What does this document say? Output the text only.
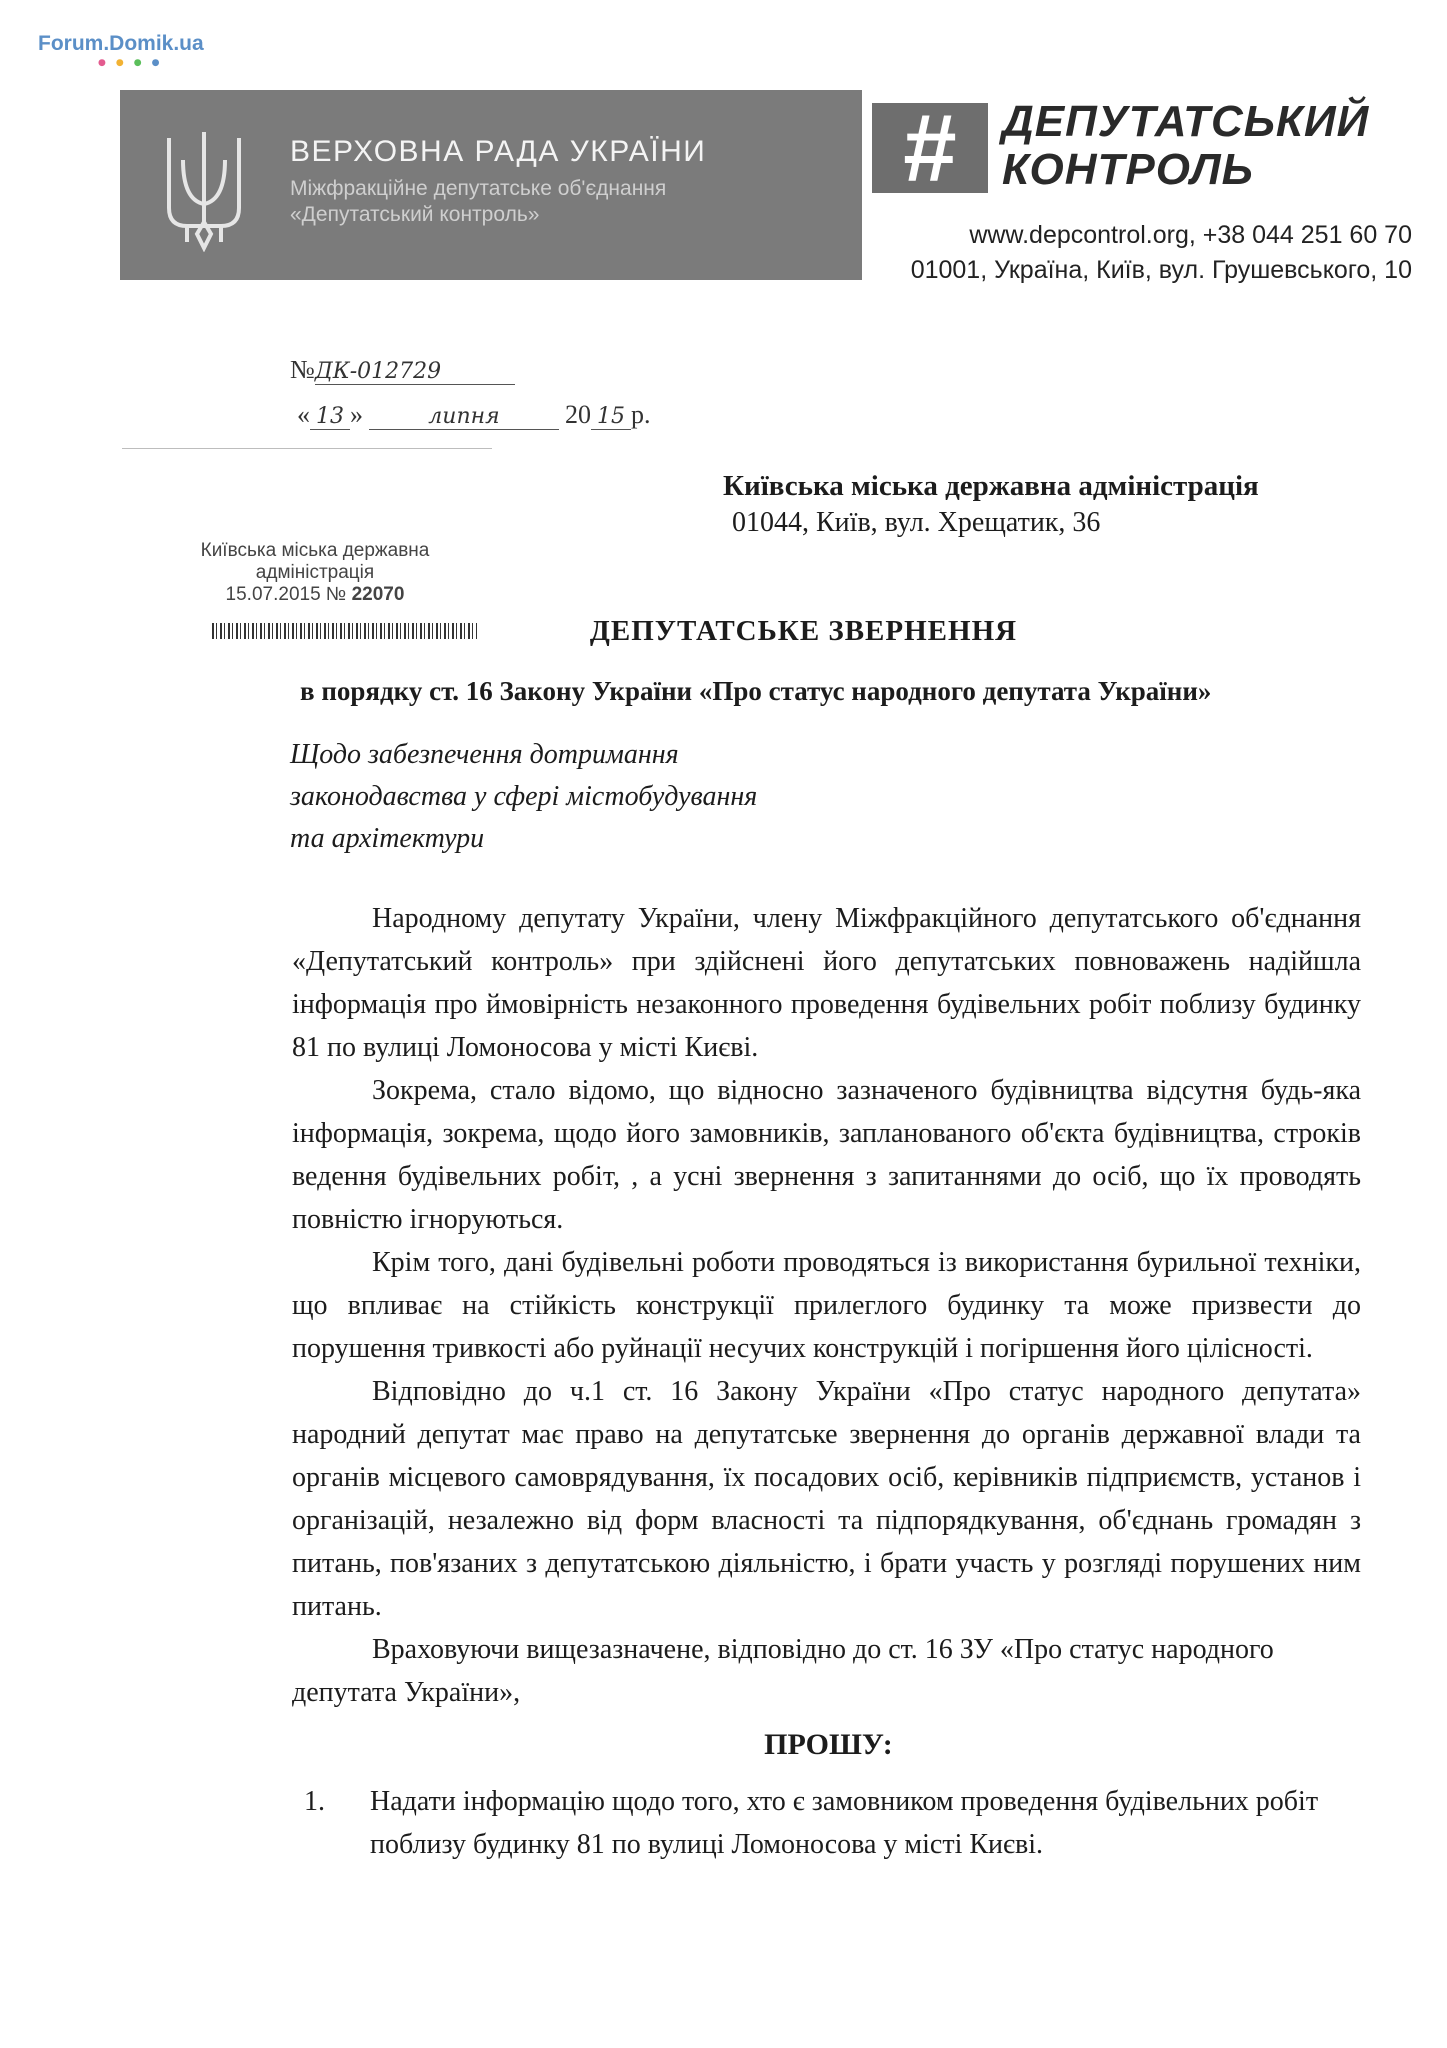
Forum.Domik.ua
●●●●
ВЕРХОВНА РАДА УКРАЇНИ
Міжфракційне депутатське об'єднання
«Депутатський контроль»
#	ДЕПУТАТСЬКИЙ
КОНТРОЛЬ
www.depcontrol.org, +38 044 251 60 70
01001, Україна, Київ, вул. Грушевського, 10
№ДК-012729
« 13 »	липня	20 15 р.
Київська міська державна
адміністрація
15.07.2015 № 22070
Київська міська державна адміністрація
01044, Київ, вул. Хрещатик, 36
ДЕПУТАТСЬКЕ ЗВЕРНЕННЯ
в порядку ст. 16 Закону України «Про статус народного депутата України»
Щодо забезпечення дотримання
законодавства у сфері містобудування
та архітектури

Народному депутату України, члену Міжфракційного депутатського об'єднання «Депутатський контроль» при здійснені його депутатських повноважень надійшла інформація про ймовірність незаконного проведення будівельних робіт поблизу будинку 81 по вулиці Ломоносова у місті Києві.

Зокрема, стало відомо, що відносно зазначеного будівництва відсутня будь-яка інформація, зокрема, щодо його замовників, запланованого об'єкта будівництва, строків ведення будівельних робіт, , а усні звернення з запитаннями до осіб, що їх проводять повністю ігноруються.

Крім того, дані будівельні роботи проводяться із використання бурильної техніки, що впливає на стійкість конструкції прилеглого будинку та може призвести до порушення тривкості або руйнації несучих конструкцій і погіршення його цілісності.

Відповідно до ч.1 ст. 16 Закону України «Про статус народного депутата» народний депутат має право на депутатське звернення до органів державної влади та органів місцевого самоврядування, їх посадових осіб, керівників підприємств, установ і організацій, незалежно від форм власності та підпорядкування, об'єднань громадян з питань, пов'язаних з депутатською діяльністю, і брати участь у розгляді порушених ним питань.

Враховуючи вищезазначене, відповідно до ст. 16 ЗУ «Про статус народного депутата України»,

ПРОШУ:
1. Надати інформацію щодо того, хто є замовником проведення будівельних робіт поблизу будинку 81 по вулиці Ломоносова у місті Києві.
